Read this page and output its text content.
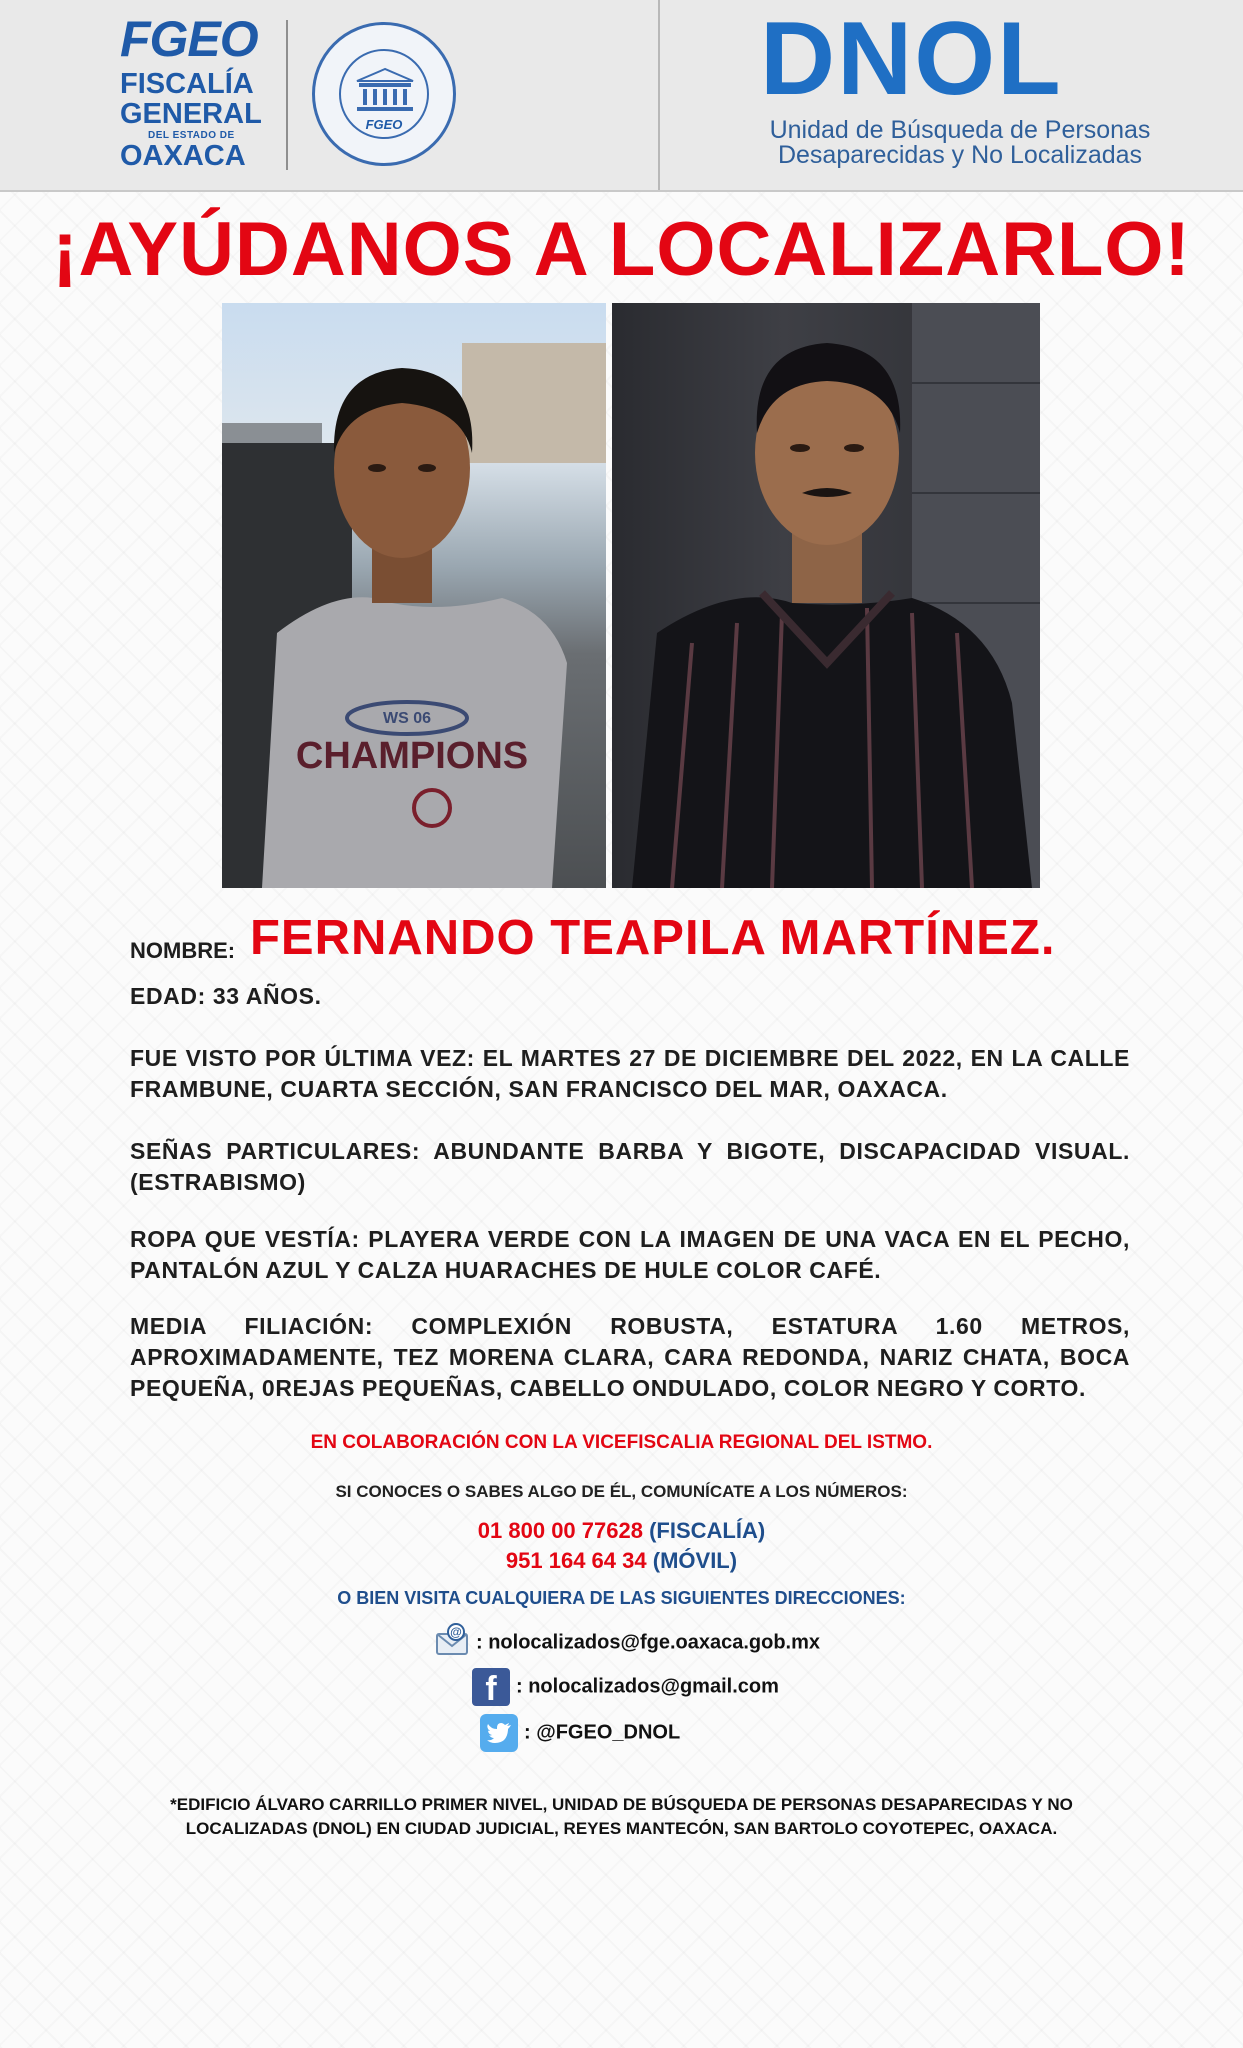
FGEO
FISCALÍA
GENERAL
DEL ESTADO DE
OAXACA
FGEO
DNOL
Unidad de Búsqueda de Personas
Desaparecidas y No Localizadas
¡AYÚDANOS A LOCALIZARLO!
WS 06
CHAMPIONS
NOMBRE: FERNANDO TEAPILA MARTÍNEZ.
EDAD: 33 AÑOS.
FUE VISTO POR ÚLTIMA VEZ: EL MARTES 27 DE DICIEMBRE DEL 2022, EN LA CALLE FRAMBUNE, CUARTA SECCIÓN, SAN FRANCISCO DEL MAR, OAXACA.
SEÑAS PARTICULARES: ABUNDANTE BARBA Y BIGOTE, DISCAPACIDAD VISUAL. (ESTRABISMO)
ROPA QUE VESTÍA: PLAYERA VERDE CON LA IMAGEN DE UNA VACA EN EL PECHO, PANTALÓN AZUL Y CALZA HUARACHES DE HULE COLOR CAFÉ.
MEDIA FILIACIÓN: COMPLEXIÓN ROBUSTA, ESTATURA 1.60 METROS, APROXIMADAMENTE, TEZ MORENA CLARA, CARA REDONDA, NARIZ CHATA, BOCA PEQUEÑA, 0REJAS PEQUEÑAS, CABELLO ONDULADO, COLOR NEGRO Y CORTO.
EN COLABORACIÓN CON LA VICEFISCALIA REGIONAL DEL ISTMO.
SI CONOCES O SABES ALGO DE ÉL, COMUNÍCATE A LOS NÚMEROS:
01 800 00 77628 (FISCALÍA)
951 164 64 34 (MÓVIL)
O BIEN VISITA CUALQUIERA DE LAS SIGUIENTES DIRECCIONES:
@ : nolocalizados@fge.oaxaca.gob.mx
f : nolocalizados@gmail.com
: @FGEO_DNOL
*EDIFICIO ÁLVARO CARRILLO PRIMER NIVEL, UNIDAD DE BÚSQUEDA DE PERSONAS DESAPARECIDAS Y NO
LOCALIZADAS (DNOL) EN CIUDAD JUDICIAL, REYES MANTECÓN, SAN BARTOLO COYOTEPEC, OAXACA.
